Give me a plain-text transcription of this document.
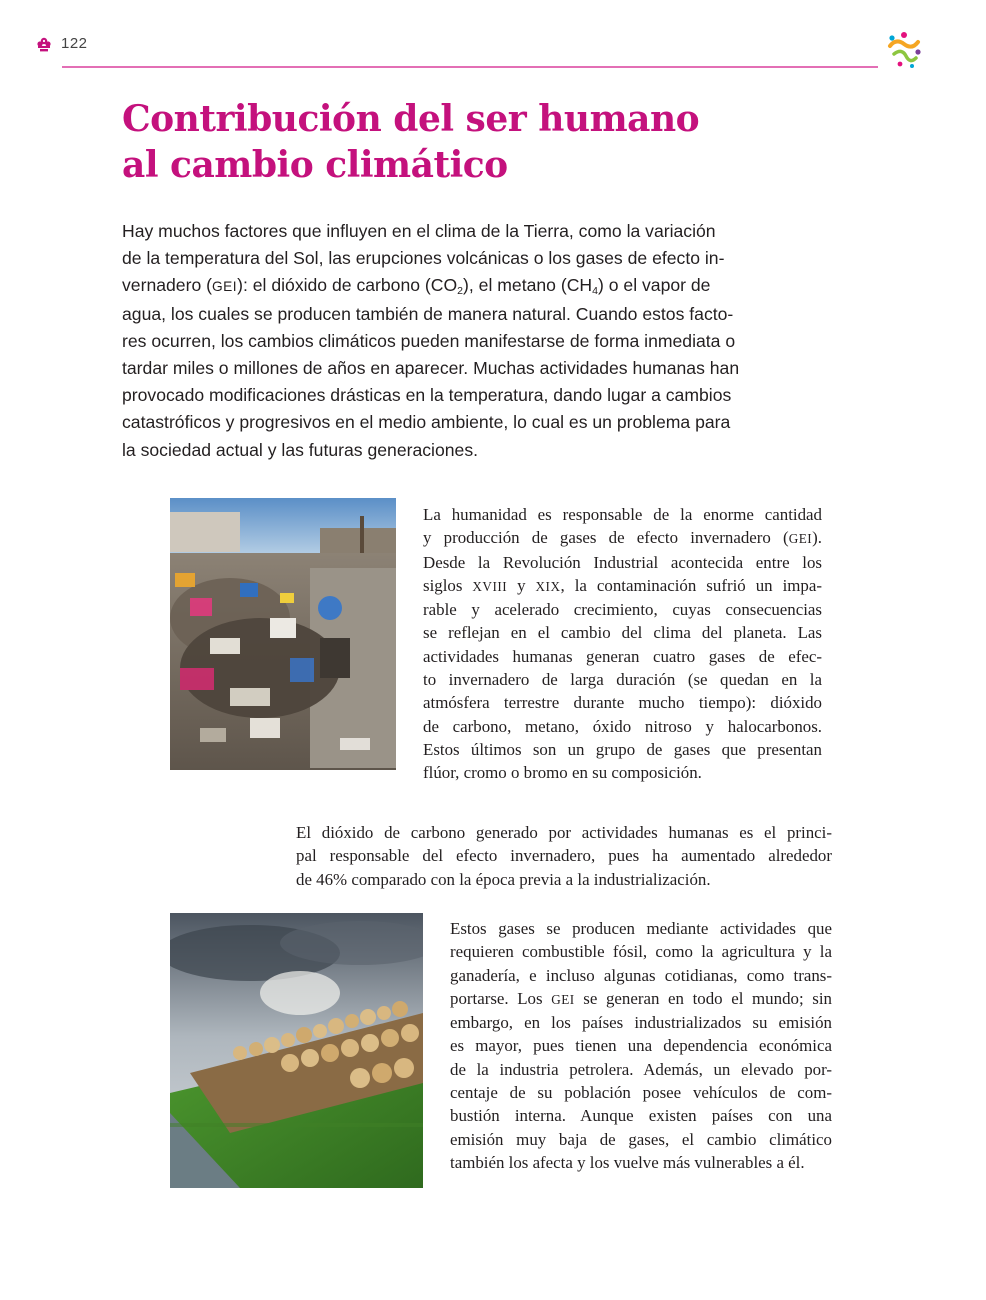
122
Contribución del ser humano
al cambio climático
Hay muchos factores que influyen en el clima de la Tierra, como la variación
de la temperatura del Sol, las erupciones volcánicas o los gases de efecto in-
vernadero (GEI): el dióxido de carbono $(CO_2)$, el metano $(CH_4)$ o el vapor de
agua, los cuales se producen también de manera natural. Cuando estos facto-
res ocurren, los cambios climáticos pueden manifestarse de forma inmediata o
tardar miles o millones de años en aparecer. Muchas actividades humanas han
provocado modificaciones drásticas en la temperatura, dando lugar a cambios
catastróficos y progresivos en el medio ambiente, lo cual es un problema para
la sociedad actual y las futuras generaciones.
La humanidad es responsable de la enorme cantidad
y producción de gases de efecto invernadero (GEI).
Desde la Revolución Industrial acontecida entre los
siglos XVIII y XIX, la contaminación sufrió un impa-
rable y acelerado crecimiento, cuyas consecuencias
se reflejan en el cambio del clima del planeta. Las
actividades humanas generan cuatro gases de efec-
to invernadero de larga duración (se quedan en la
atmósfera terrestre durante mucho tiempo): dióxido
de carbono, metano, óxido nitroso y halocarbonos.
Estos últimos son un grupo de gases que presentan
flúor, cromo o bromo en su composición.
El dióxido de carbono generado por actividades humanas es el princi-
pal responsable del efecto invernadero, pues ha aumentado alrededor
de 46% comparado con la época previa a la industrialización.
Estos gases se producen mediante actividades que
requieren combustible fósil, como la agricultura y la
ganadería, e incluso algunas cotidianas, como trans-
portarse. Los GEI se generan en todo el mundo; sin
embargo, en los países industrializados su emisión
es mayor, pues tienen una dependencia económica
de la industria petrolera. Además, un elevado por-
centaje de su población posee vehículos de com-
bustión interna. Aunque existen países con una
emisión muy baja de gases, el cambio climático
también los afecta y los vuelve más vulnerables a él.
